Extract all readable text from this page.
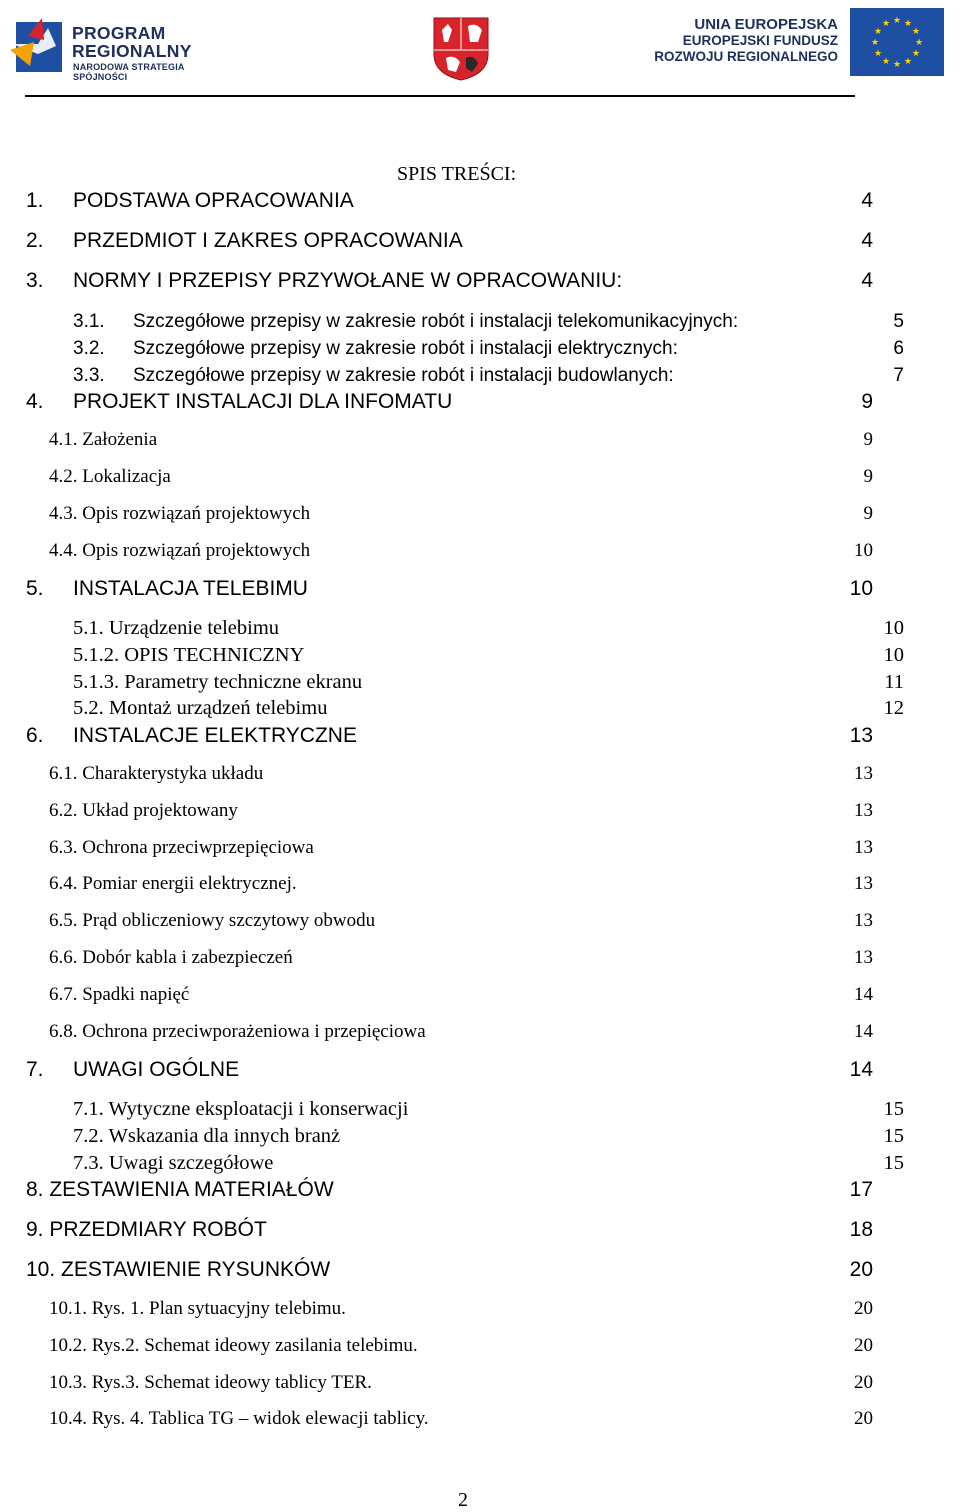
PROGRAM
REGIONALNY
NARODOWA STRATEGIA SPÓJNOŚCI
UNIA EUROPEJSKA
EUROPEJSKI FUNDUSZ
ROZWOJU REGIONALNEGO
★ ★
★
★
★
★
★
★
★
★
★
★
SPIS TREŚCI:
1. PODSTAWA OPRACOWANIA	4
2. PRZEDMIOT I ZAKRES OPRACOWANIA	4
3. NORMY I PRZEPISY PRZYWOŁANE W OPRACOWANIU:	4
3.1. Szczegółowe przepisy w zakresie robót i instalacji telekomunikacyjnych:	5
3.2. Szczegółowe przepisy w zakresie robót i instalacji elektrycznych:	6
3.3. Szczegółowe przepisy w zakresie robót i instalacji budowlanych:	7
4. PROJEKT INSTALACJI DLA INFOMATU	9
4.1. Założenia	9
4.2. Lokalizacja	9
4.3. Opis rozwiązań projektowych	9
4.4. Opis rozwiązań projektowych	10
5. INSTALACJA TELEBIMU	10
5.1. Urządzenie telebimu	10
5.1.2. OPIS TECHNICZNY	10
5.1.3. Parametry techniczne ekranu	11
5.2. Montaż urządzeń telebimu	12
6. INSTALACJE ELEKTRYCZNE	13
6.1. Charakterystyka układu	13
6.2. Układ projektowany	13
6.3. Ochrona przeciwprzepięciowa	13
6.4. Pomiar energii elektrycznej.	13
6.5. Prąd obliczeniowy szczytowy obwodu	13
6.6. Dobór kabla i zabezpieczeń	13
6.7. Spadki napięć	14
6.8. Ochrona przeciwporażeniowa i przepięciowa	14
7. UWAGI OGÓLNE	14
7.1. Wytyczne eksploatacji i konserwacji	15
7.2. Wskazania dla innych branż	15
7.3. Uwagi szczegółowe	15
8. ZESTAWIENIA MATERIAŁÓW	17
9. PRZEDMIARY ROBÓT	18
10. ZESTAWIENIE RYSUNKÓW	20
10.1. Rys. 1. Plan sytuacyjny telebimu.	20
10.2. Rys.2. Schemat ideowy zasilania telebimu.	20
10.3. Rys.3. Schemat ideowy tablicy TER.	20
10.4. Rys. 4. Tablica TG – widok elewacji tablicy.	20
2
